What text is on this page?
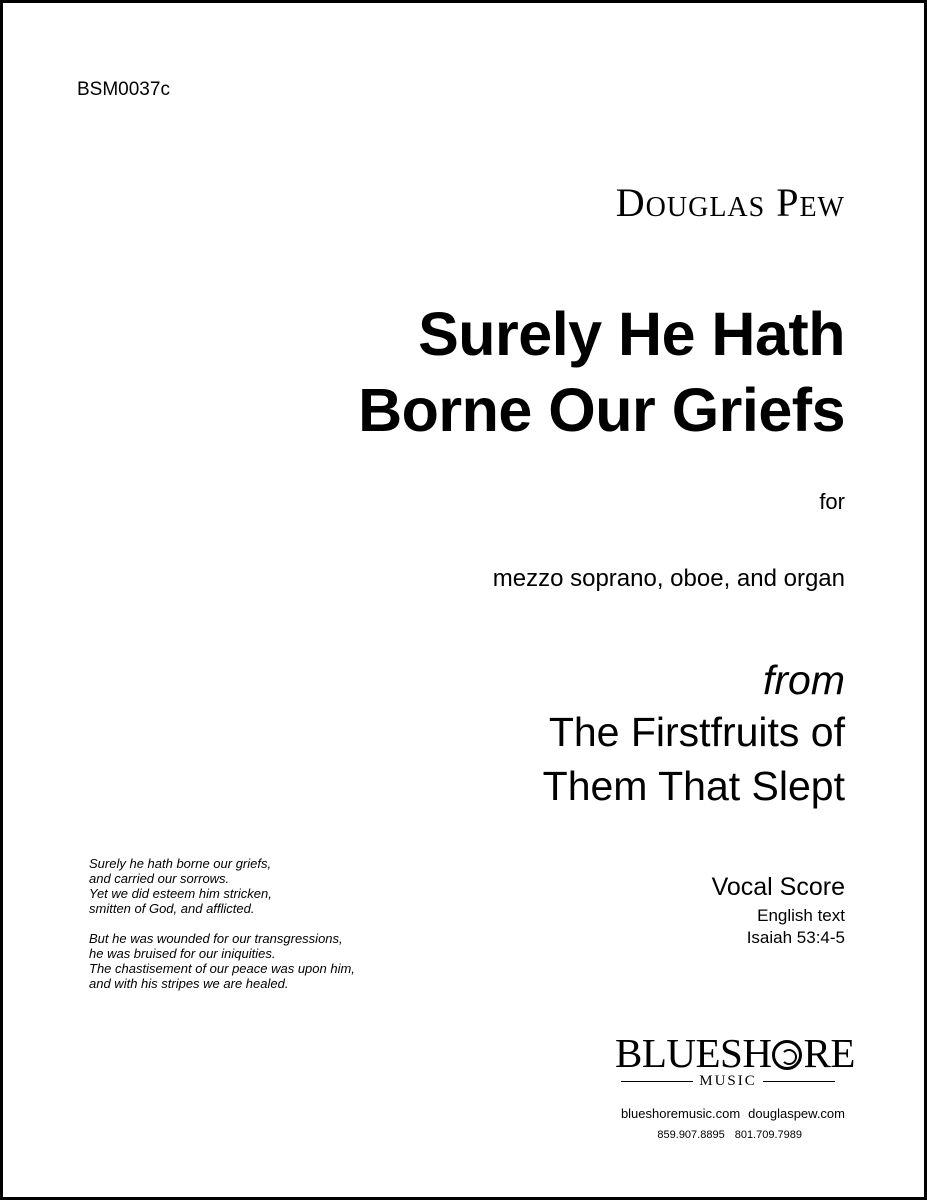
BSM0037c
Douglas Pew
Surely He Hath
Borne Our Griefs
for
mezzo soprano, oboe, and organ
from
The Firstfruits of
Them That Slept
Vocal Score
English text
Isaiah 53:4-5
Surely he hath borne our griefs,
and carried our sorrows.
Yet we did esteem him stricken,
smitten of God, and afflicted.
But he was wounded for our transgressions,
he was bruised for our iniquities.
The chastisement of our peace was upon him,
and with his stripes we are healed.
BLUESH RE
MUSIC
blueshoremusic.com douglaspew.com
859.907.8895 801.709.7989
